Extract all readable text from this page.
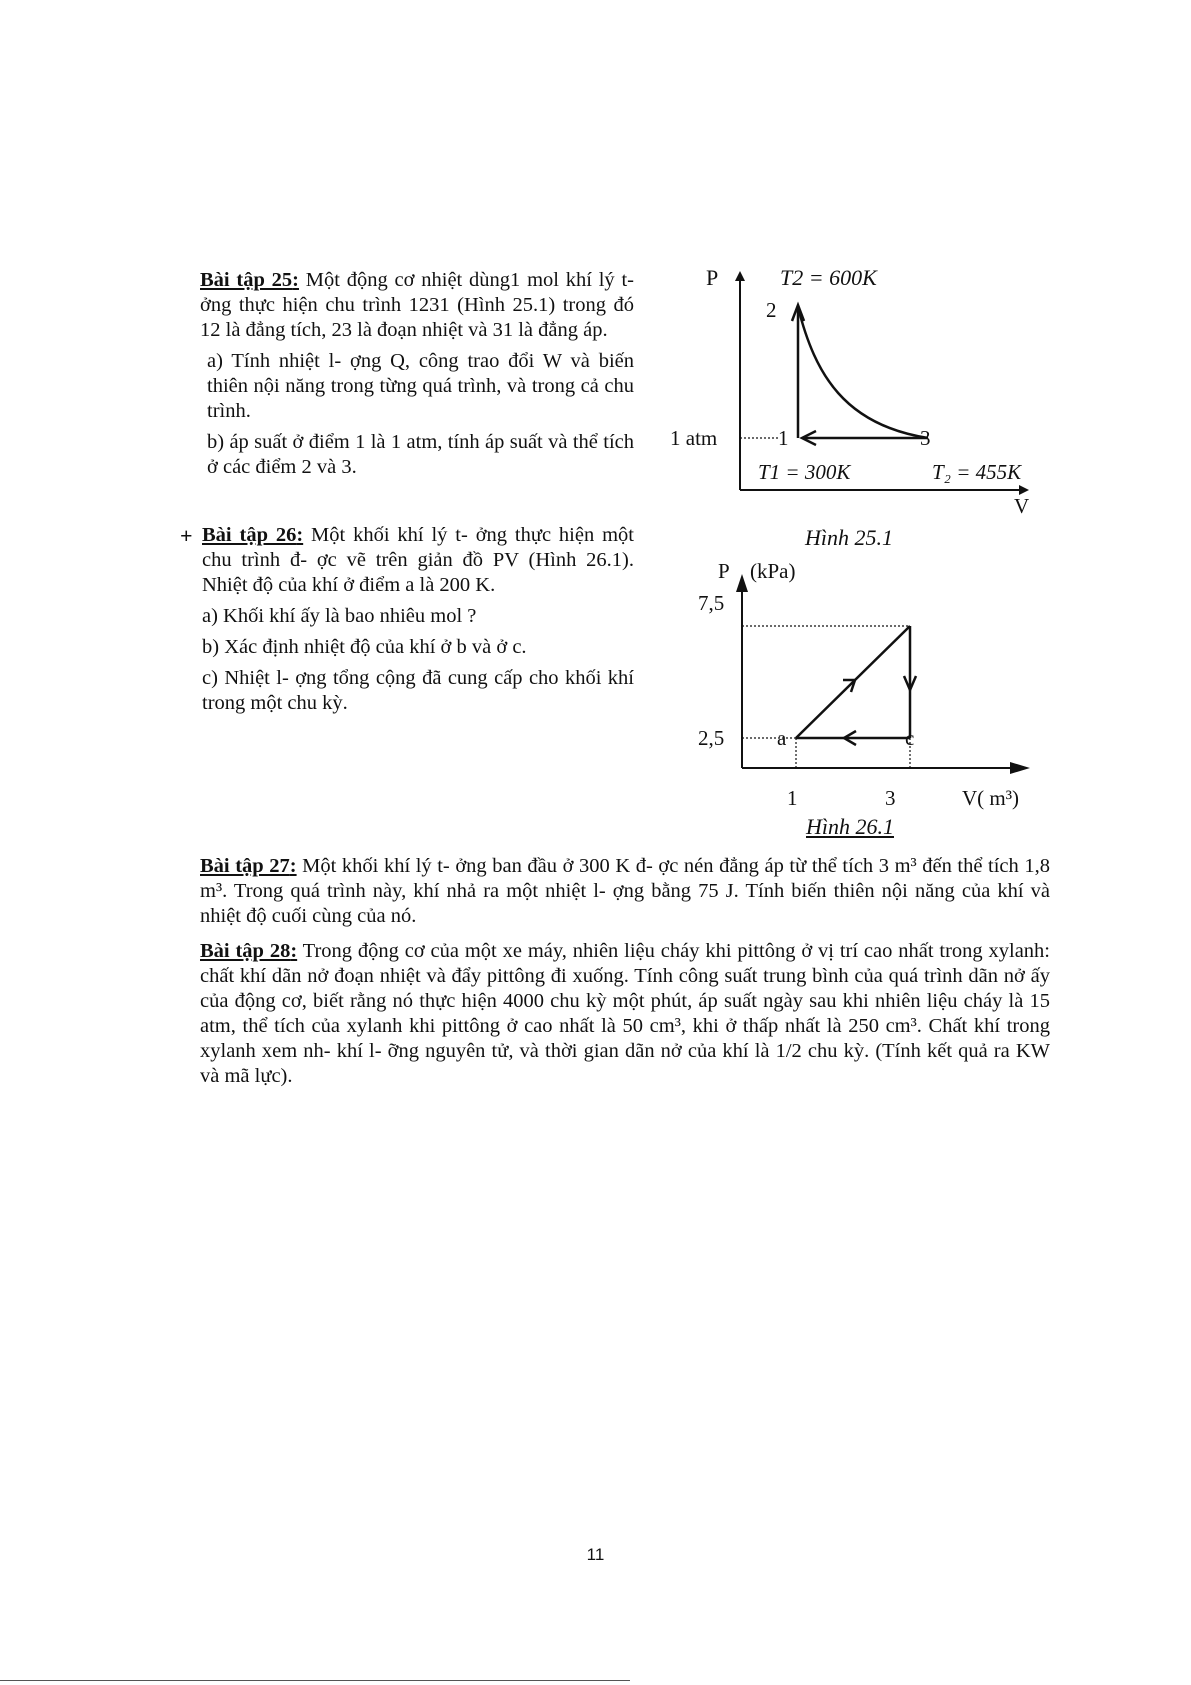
Bài tập 25: Một động cơ nhiệt dùng1 mol khí lý t- ởng thực hiện chu trình 1231 (Hình 25.1) trong đó 12 là đẳng tích, 23 là đoạn nhiệt và 31 là đẳng áp.

a) Tính nhiệt l- ợng Q, công trao đổi W và biến thiên nội năng trong từng quá trình, và trong cả chu trình.

b) áp suất ở điểm 1 là 1 atm, tính áp suất và thể tích ở các điểm 2 và 3.

+ Bài tập 26: Một khối khí lý t- ởng thực hiện một chu trình đ- ợc vẽ trên giản đồ PV (Hình 26.1). Nhiệt độ của khí ở điểm a là 200 K.

a) Khối khí ấy là bao nhiêu mol ?

b) Xác định nhiệt độ của khí ở b và ở c.

c) Nhiệt l- ợng tổng cộng đã cung cấp cho khối khí trong một chu kỳ.

P	T2 = 600K
2
1 atm	1	3
T1 = 300K	T₂ = 455K
V
Hình 25.1
P (kPa)
7,5
2,5	a	c
1	3	V( m³)
Hình 26.1

Bài tập 27: Một khối khí lý t- ởng ban đầu ở 300 K đ- ợc nén đẳng áp từ thể tích 3 m³ đến thể tích 1,8 m³. Trong quá trình này, khí nhả ra một nhiệt l- ợng bằng 75 J. Tính biến thiên nội năng của khí và nhiệt độ cuối cùng của nó.

Bài tập 28: Trong động cơ của một xe máy, nhiên liệu cháy khi pittông ở vị trí cao nhất trong xylanh: chất khí dãn nở đoạn nhiệt và đẩy pittông đi xuống. Tính công suất trung bình của quá trình dãn nở ấy của động cơ, biết rằng nó thực hiện 4000 chu kỳ một phút, áp suất ngày sau khi nhiên liệu cháy là 15 atm, thể tích của xylanh khi pittông ở cao nhất là 50 cm³, khi ở thấp nhất là 250 cm³. Chất khí trong xylanh xem nh- khí l- ỡng nguyên tử, và thời gian dãn nở của khí là 1/2 chu kỳ. (Tính kết quả ra KW và mã lực).

11
